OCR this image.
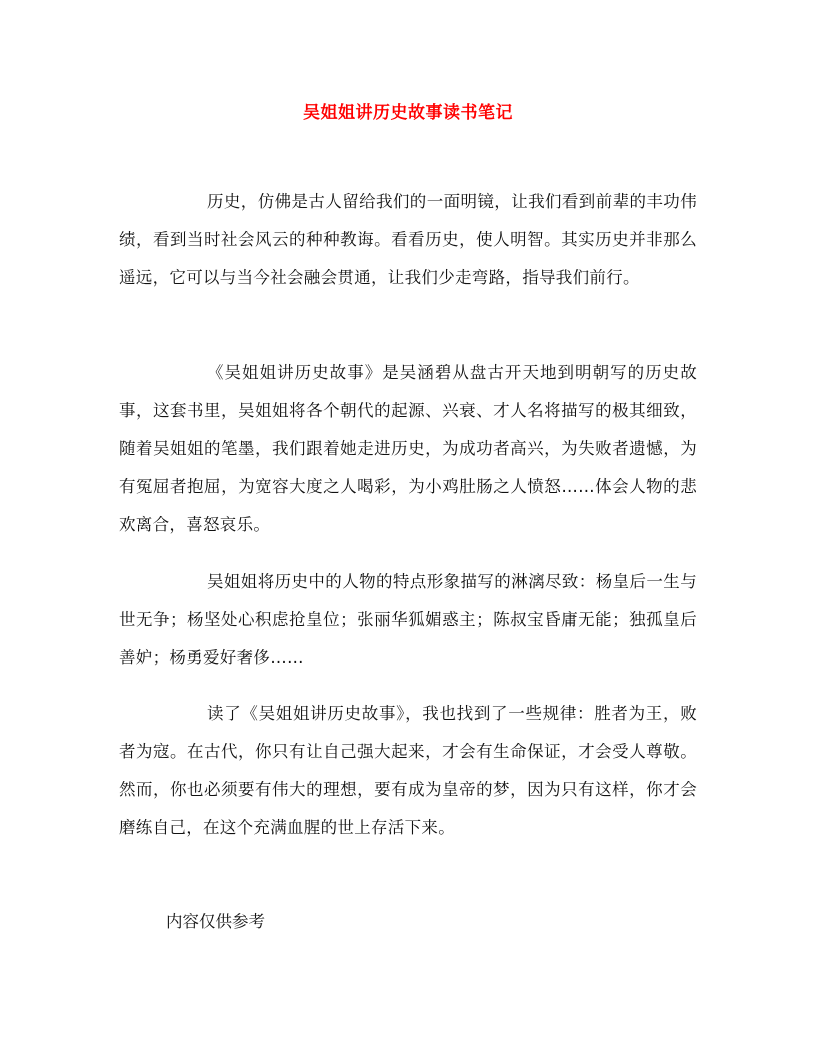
吴姐姐讲历史故事读书笔记

历史，仿佛是古人留给我们的一面明镜，让我们看到前辈的丰功伟绩，看到当时社会风云的种种教诲。看看历史，使人明智。其实历史并非那么遥远，它可以与当今社会融会贯通，让我们少走弯路，指导我们前行。

《吴姐姐讲历史故事》是吴涵碧从盘古开天地到明朝写的历史故事，这套书里，吴姐姐将各个朝代的起源、兴衰、才人名将描写的极其细致，随着吴姐姐的笔墨，我们跟着她走进历史，为成功者高兴，为失败者遗憾，为有冤屈者抱屈，为宽容大度之人喝彩，为小鸡肚肠之人愤怒……体会人物的悲欢离合，喜怒哀乐。

吴姐姐将历史中的人物的特点形象描写的淋漓尽致：杨皇后一生与世无争；杨坚处心积虑抢皇位；张丽华狐媚惑主；陈叔宝昏庸无能；独孤皇后善妒；杨勇爱好奢侈……

读了《吴姐姐讲历史故事》，我也找到了一些规律：胜者为王，败者为寇。在古代，你只有让自己强大起来，才会有生命保证，才会受人尊敬。然而，你也必须要有伟大的理想，要有成为皇帝的梦，因为只有这样，你才会磨练自己，在这个充满血腥的世上存活下来。

内容仅供参考
